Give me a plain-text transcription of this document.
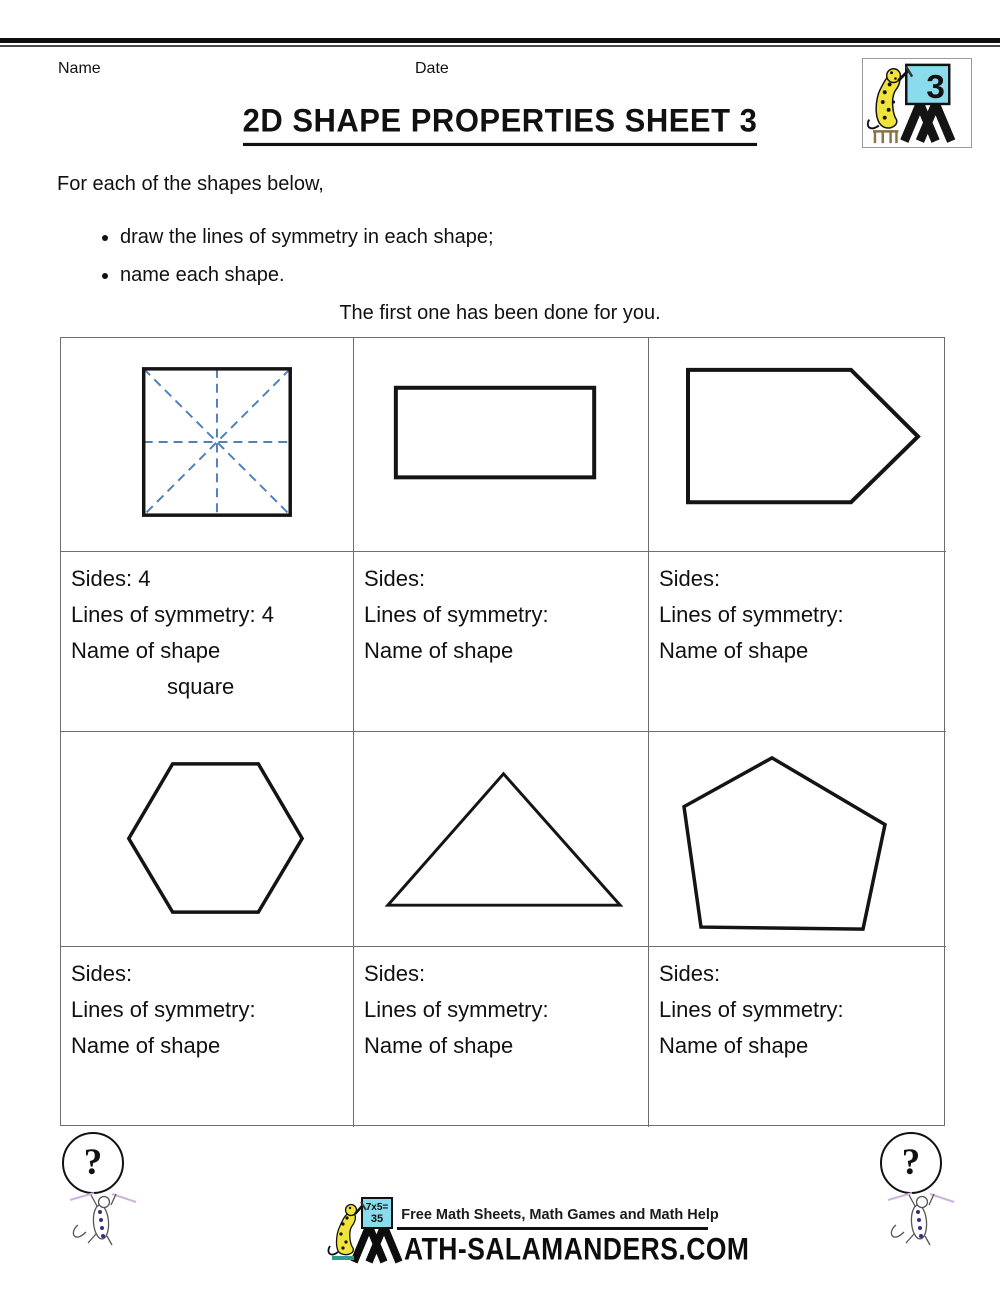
Name	Date
3
2D SHAPE PROPERTIES SHEET 3
For each of the shapes below,
• draw the lines of symmetry in each shape;
• name each shape.
The first one has been done for you.
Sides: 4
Lines of symmetry: 4
Name of shape
square
Sides:
Lines of symmetry:
Name of shape
Sides:
Lines of symmetry:
Name of shape
Sides:
Lines of symmetry:
Name of shape
Sides:
Lines of symmetry:
Name of shape
Sides:
Lines of symmetry:
Name of shape
?	?
7x5=
35	Free Math Sheets, Math Games and Math Help
ATH-SALAMANDERS.COM
